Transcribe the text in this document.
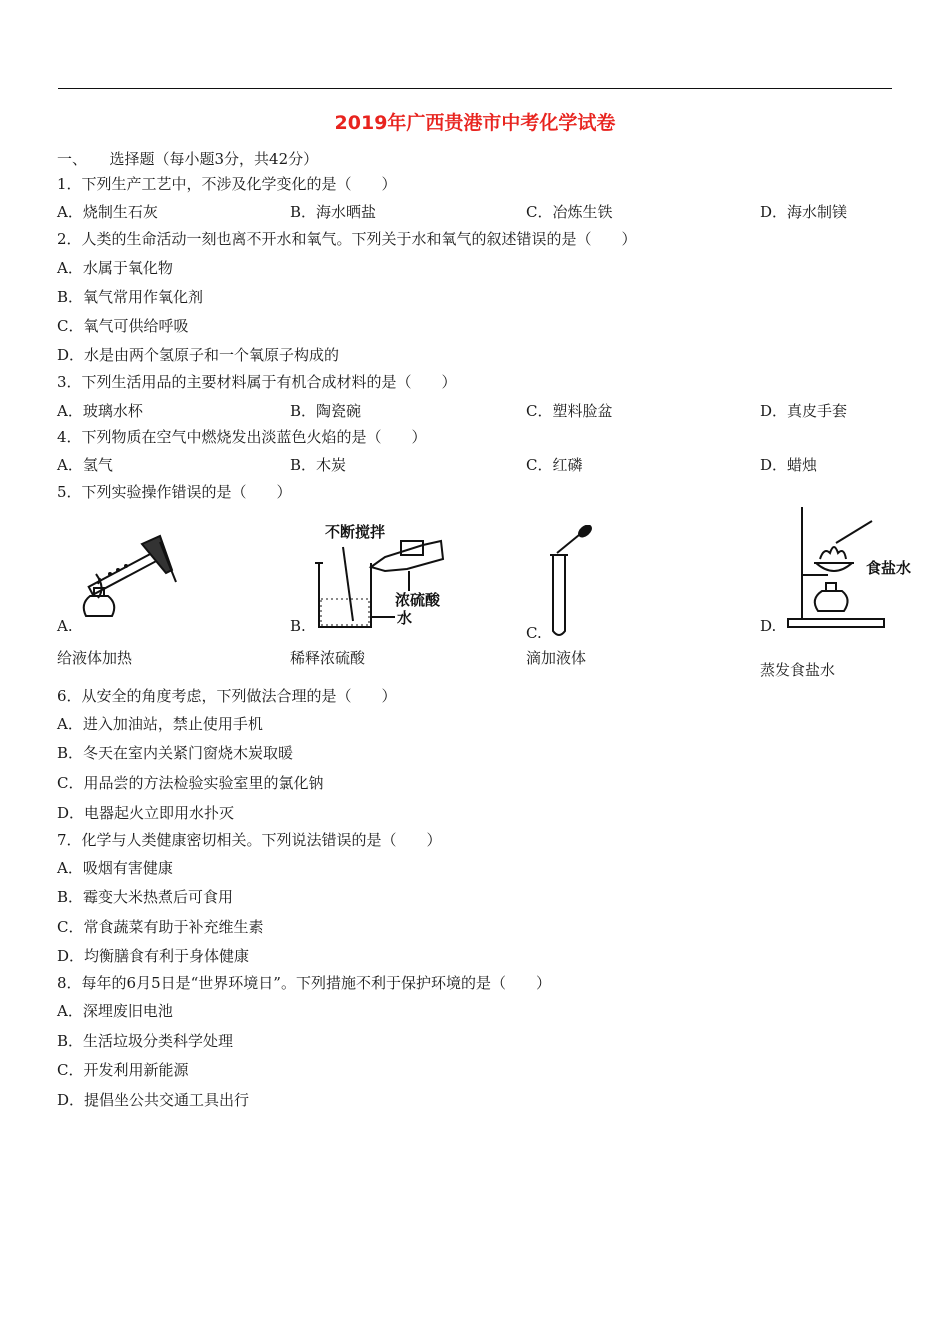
2019年广西贵港市中考化学试卷
一、　　选择题（每小题3分，共42分）
1．下列生产工艺中，不涉及化学变化的是（　　）
A．烧制生石灰	B．海水晒盐	C．冶炼生铁	D．海水制镁
2．人类的生命活动一刻也离不开水和氧气。下列关于水和氧气的叙述错误的是（　　）
A．水属于氧化物
B．氧气常用作氧化剂
C．氧气可供给呼吸
D．水是由两个氢原子和一个氧原子构成的
3．下列生活用品的主要材料属于有机合成材料的是（　　）
A．玻璃水杯	B．陶瓷碗	C．塑料脸盆	D．真皮手套
4．下列物质在空气中燃烧发出淡蓝色火焰的是（　　）
A．氢气	B．木炭	C．红磷	D．蜡烛
5．下列实验操作错误的是（　　）
A.
不断搅拌
浓硫酸
水
B.	C.
食盐水
D.
给液体加热	稀释浓硫酸	滴加液体
蒸发食盐水
6．从安全的角度考虑，下列做法合理的是（　　）
A．进入加油站，禁止使用手机
B．冬天在室内关紧门窗烧木炭取暖
C．用品尝的方法检验实验室里的氯化钠
D．电器起火立即用水扑灭
7．化学与人类健康密切相关。下列说法错误的是（　　）
A．吸烟有害健康
B．霉变大米热煮后可食用
C．常食蔬菜有助于补充维生素
D．均衡膳食有利于身体健康
8．每年的6月5日是“世界环境日”。下列措施不利于保护环境的是（　　）
A．深埋废旧电池
B．生活垃圾分类科学处理
C．开发利用新能源
D．提倡坐公共交通工具出行
